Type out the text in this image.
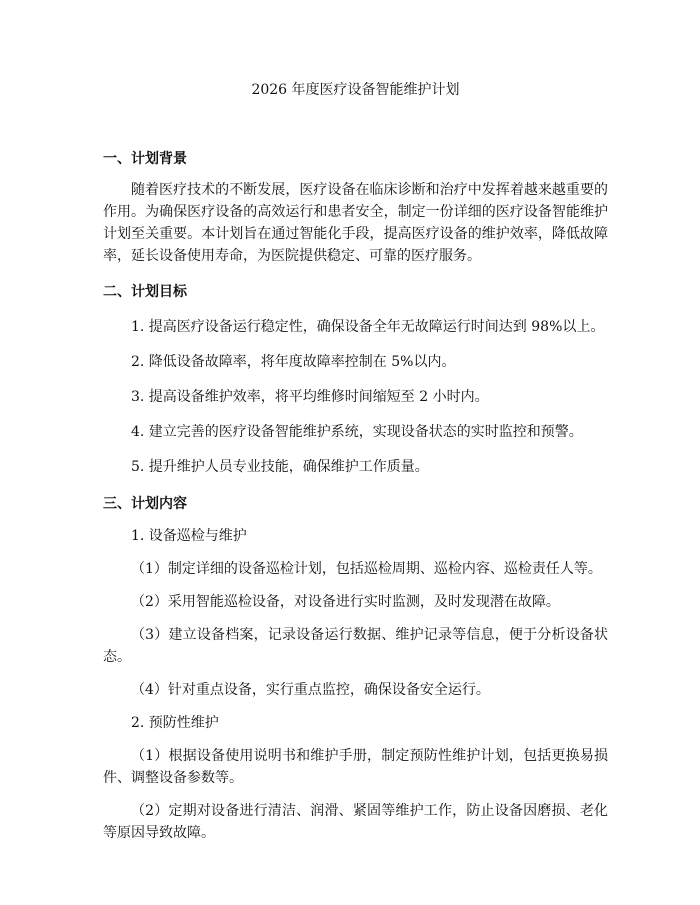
2026 年度医疗设备智能维护计划
一、计划背景

随着医疗技术的不断发展，医疗设备在临床诊断和治疗中发挥着越来越重要的作用。为确保医疗设备的高效运行和患者安全，制定一份详细的医疗设备智能维护计划至关重要。本计划旨在通过智能化手段，提高医疗设备的维护效率，降低故障率，延长设备使用寿命，为医院提供稳定、可靠的医疗服务。

二、计划目标

1. 提高医疗设备运行稳定性，确保设备全年无故障运行时间达到 98%以上。

2. 降低设备故障率，将年度故障率控制在 5%以内。

3. 提高设备维护效率，将平均维修时间缩短至 2 小时内。

4. 建立完善的医疗设备智能维护系统，实现设备状态的实时监控和预警。

5. 提升维护人员专业技能，确保维护工作质量。

三、计划内容

1. 设备巡检与维护

（1）制定详细的设备巡检计划，包括巡检周期、巡检内容、巡检责任人等。

（2）采用智能巡检设备，对设备进行实时监测，及时发现潜在故障。

（3）建立设备档案，记录设备运行数据、维护记录等信息，便于分析设备状态。

（4）针对重点设备，实行重点监控，确保设备安全运行。

2. 预防性维护

（1）根据设备使用说明书和维护手册，制定预防性维护计划，包括更换易损件、调整设备参数等。

（2）定期对设备进行清洁、润滑、紧固等维护工作，防止设备因磨损、老化等原因导致故障。
